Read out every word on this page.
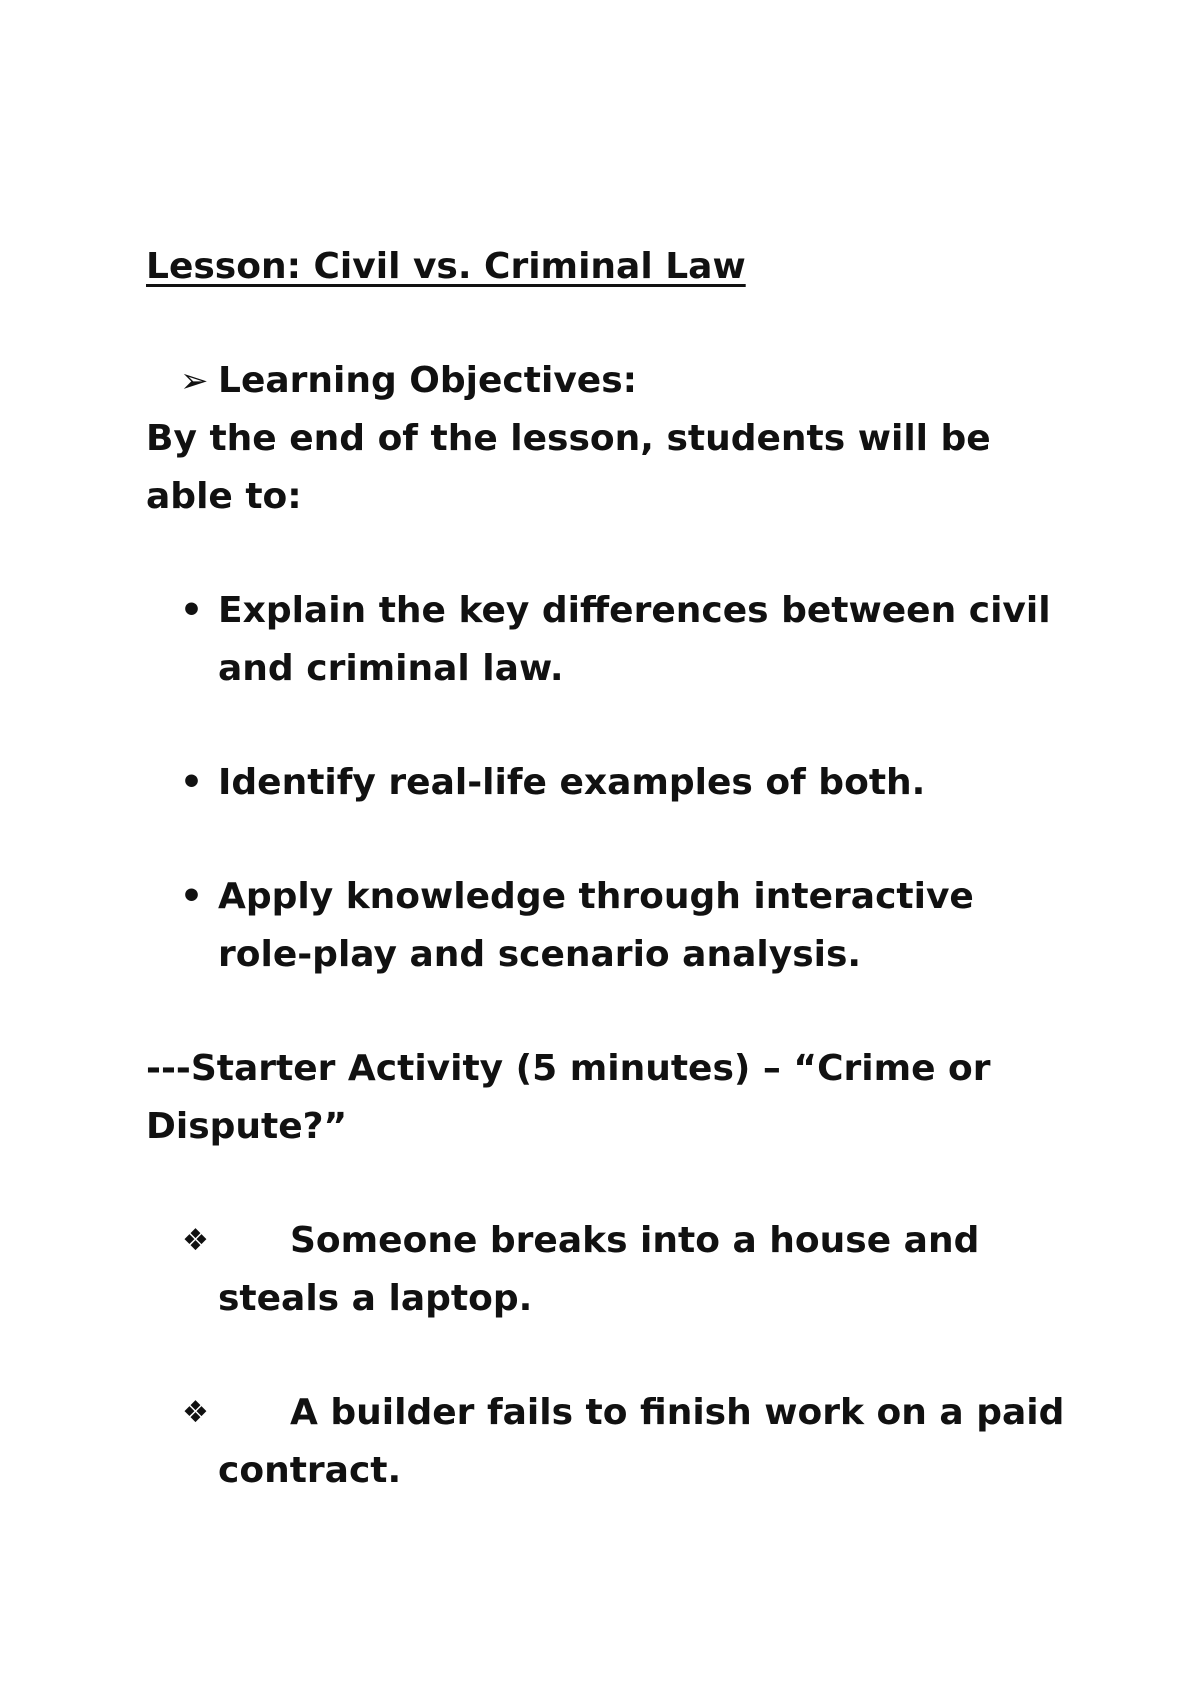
Lesson: Civil vs. Criminal Law
➢ Learning Objectives:

By the end of the lesson, students will be able to:

• Explain the key differences between civil and criminal law.
• Identify real-life examples of both.
• Apply knowledge through interactive role-play and scenario analysis.

---Starter Activity (5 minutes) – “Crime or Dispute?”

❖ Someone breaks into a house and steals a laptop.
❖ A builder fails to finish work on a paid contract.
